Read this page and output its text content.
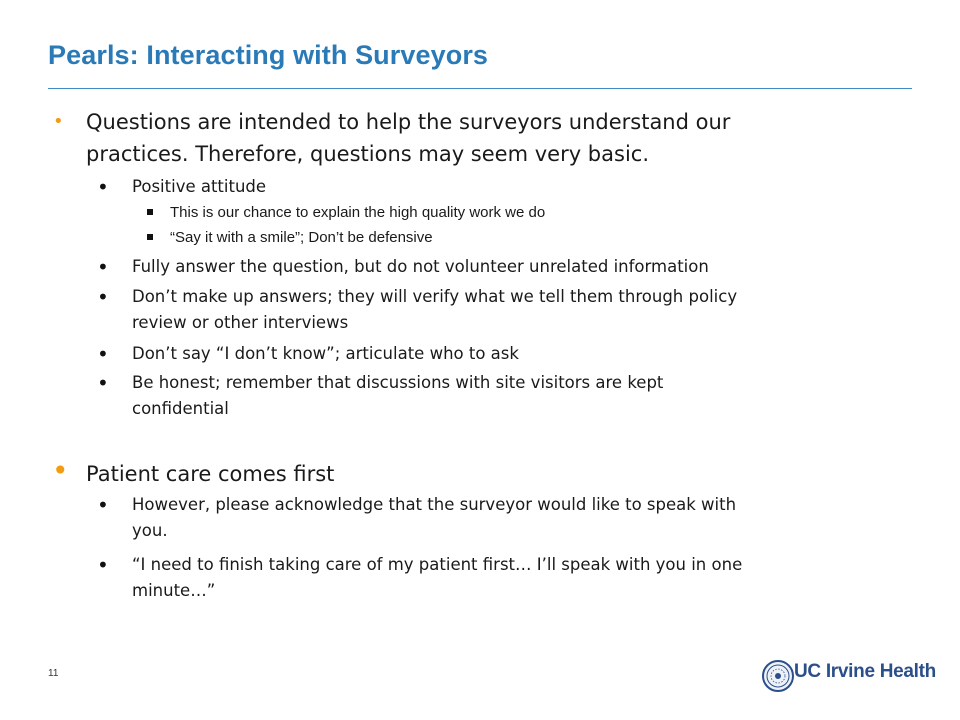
Pearls: Interacting with Surveyors

• Questions are intended to help the surveyors understand our
practices. Therefore, questions may seem very basic.

• Positive attitude

This is our chance to explain the high quality work we do

“Say it with a smile”; Don’t be defensive

• Fully answer the question, but do not volunteer unrelated information

• Don’t make up answers; they will verify what we tell them through policy
review or other interviews

• Don’t say “I don’t know”; articulate who to ask

• Be honest; remember that discussions with site visitors are kept
confidential

• Patient care comes first

• However, please acknowledge that the surveyor would like to speak with
you.

• “I need to finish taking care of my patient first… I’ll speak with you in one
minute…”

11	UC Irvine Health
